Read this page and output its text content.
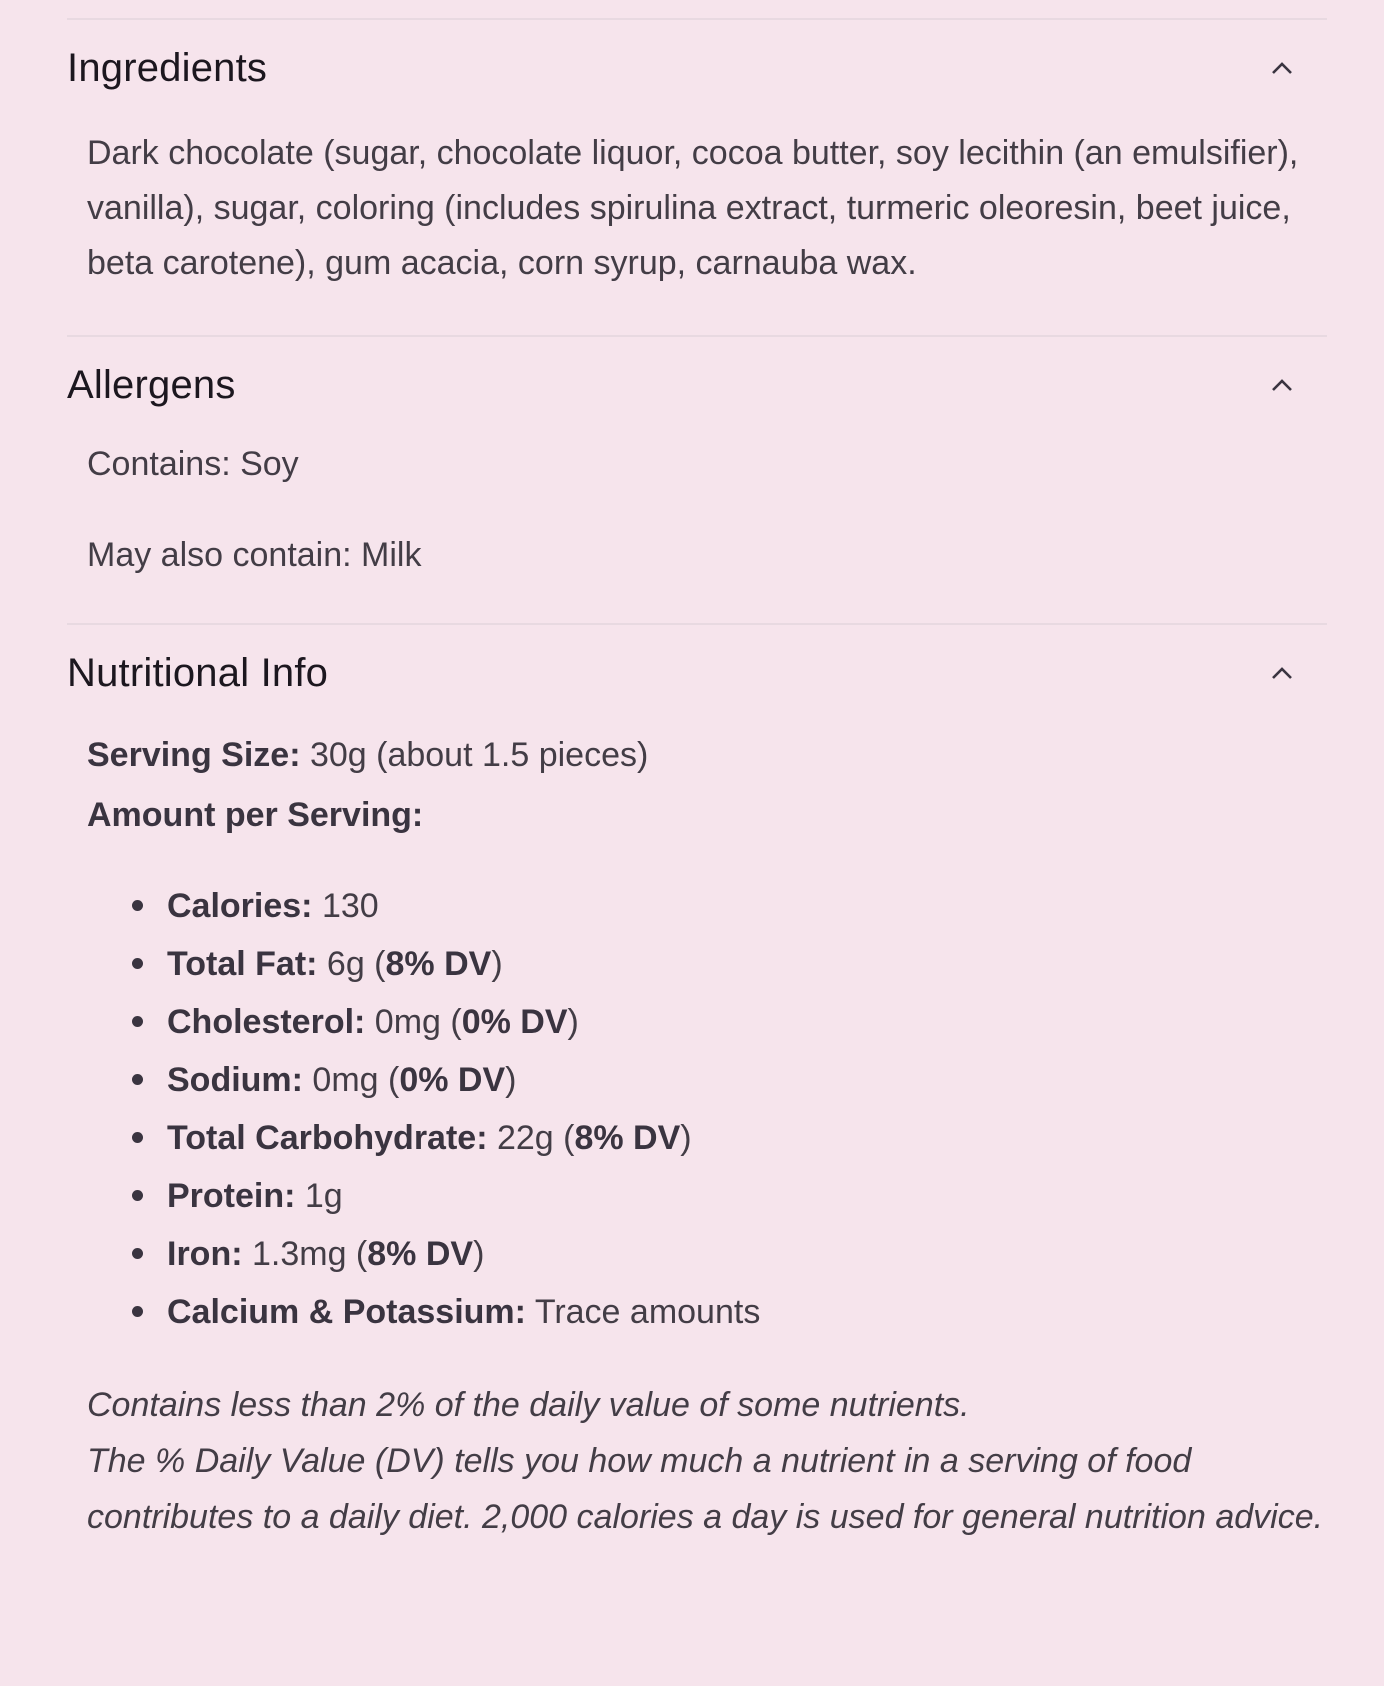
Ingredients

Dark chocolate (sugar, chocolate liquor, cocoa butter, soy lecithin (an emulsifier), vanilla), sugar, coloring (includes spirulina extract, turmeric oleoresin, beet juice, beta carotene), gum acacia, corn syrup, carnauba wax.

Allergens

Contains: Soy

May also contain: Milk

Nutritional Info

Serving Size: 30g (about 1.5 pieces)
Amount per Serving:

Calories: 130
Total Fat: 6g (8% DV)
Cholesterol: 0mg (0% DV)
Sodium: 0mg (0% DV)
Total Carbohydrate: 22g (8% DV)
Protein: 1g
Iron: 1.3mg (8% DV)
Calcium & Potassium: Trace amounts
Contains less than 2% of the daily value of some nutrients.
The % Daily Value (DV) tells you how much a nutrient in a serving of food contributes to a daily diet. 2,000 calories a day is used for general nutrition advice.
